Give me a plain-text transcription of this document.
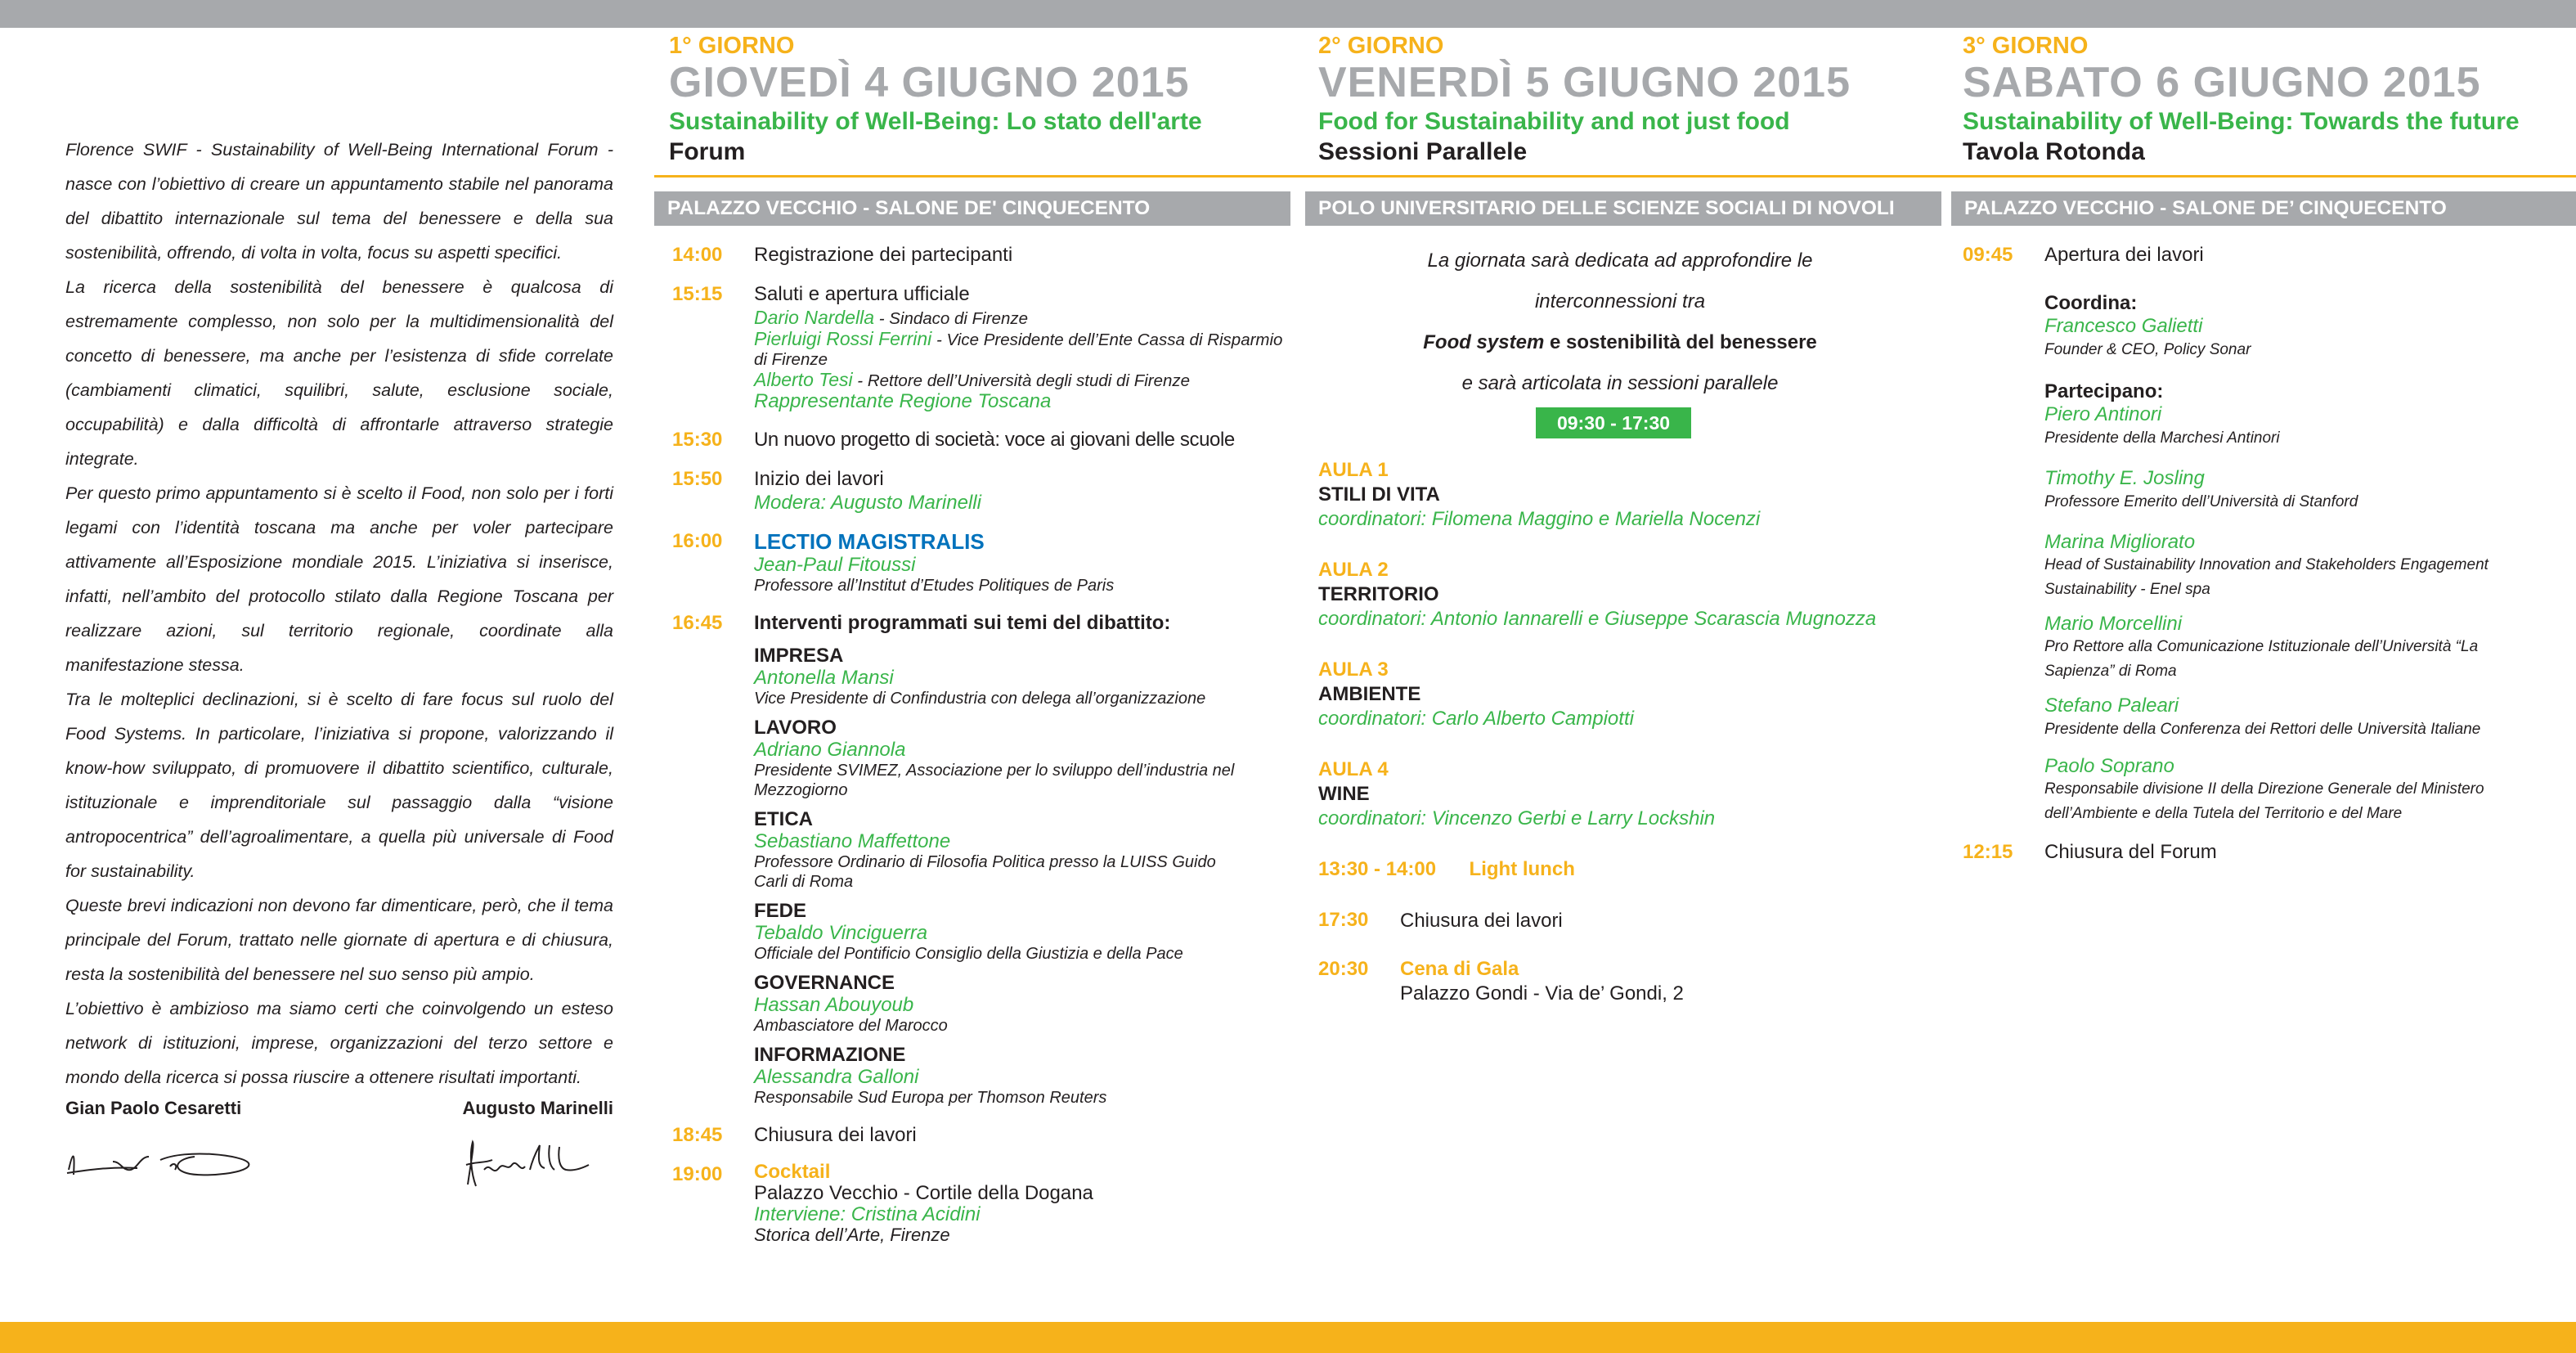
Florence SWIF - Sustainability of Well-Being International Forum - nasce con l’obiettivo di creare un appuntamento stabile nel panorama del dibattito internazionale sul tema del benessere e della sua sostenibilità, offrendo, di volta in volta, focus su aspetti specifici.

La ricerca della sostenibilità del benessere è qualcosa di estremamente complesso, non solo per la multidimensionalità del concetto di benessere, ma anche per l’esistenza di sfide correlate (cambiamenti climatici, squilibri, salute, esclusione sociale, occupabilità) e dalla difficoltà di affrontarle attraverso strategie integrate.

Per questo primo appuntamento si è scelto il Food, non solo per i forti legami con l’identità toscana ma anche per voler partecipare attivamente all’Esposizione mondiale 2015. L’iniziativa si inserisce, infatti, nell’ambito del protocollo stilato dalla Regione Toscana per realizzare azioni, sul territorio regionale, coordinate alla manifestazione stessa.

Tra le molteplici declinazioni, si è scelto di fare focus sul ruolo del Food Systems. In particolare, l’iniziativa si propone, valorizzando il know-how sviluppato, di promuovere il dibattito scientifico, culturale, istituzionale e imprenditoriale sul passaggio dalla “visione antropocentrica” dell’agroalimentare, a quella più universale di Food for sustainability.

Queste brevi indicazioni non devono far dimenticare, però, che il tema principale del Forum, trattato nelle giornate di apertura e di chiusura, resta la sostenibilità del benessere nel suo senso più ampio.

L’obiettivo è ambizioso ma siamo certi che coinvolgendo un esteso network di istituzioni, imprese, organizzazioni del terzo settore e mondo della ricerca si possa riuscire a ottenere risultati importanti.

Gian Paolo Cesaretti	Augusto Marinelli
1° GIORNO
GIOVEDÌ 4 GIUGNO 2015
Sustainability of Well-Being: Lo stato dell'arte
Forum
PALAZZO VECCHIO - SALONE DE' CINQUECENTO
14:00 Registrazione dei partecipanti
15:15 Saluti e apertura ufficiale
Dario Nardella - Sindaco di Firenze
Pierluigi Rossi Ferrini - Vice Presidente dell’Ente Cassa di Risparmio di Firenze
Alberto Tesi - Rettore dell’Università degli studi di Firenze
Rappresentante Regione Toscana
15:30 Un nuovo progetto di società: voce ai giovani delle scuole
15:50 Inizio dei lavori
Modera: Augusto Marinelli
16:00 LECTIO MAGISTRALIS
Jean-Paul Fitoussi
Professore all’Institut d’Etudes Politiques de Paris
16:45 Interventi programmati sui temi del dibattito:
IMPRESA
Antonella Mansi
Vice Presidente di Confindustria con delega all’organizzazione
LAVORO
Adriano Giannola
Presidente SVIMEZ, Associazione per lo sviluppo dell’industria nel Mezzogiorno
ETICA
Sebastiano Maffettone
Professore Ordinario di Filosofia Politica presso la LUISS Guido Carli di Roma
FEDE
Tebaldo Vinciguerra
Officiale del Pontificio Consiglio della Giustizia e della Pace
GOVERNANCE
Hassan Abouyoub
Ambasciatore del Marocco
INFORMAZIONE
Alessandra Galloni
Responsabile Sud Europa per Thomson Reuters
18:45 Chiusura dei lavori
19:00 Cocktail
Palazzo Vecchio - Cortile della Dogana
Interviene: Cristina Acidini
Storica dell’Arte, Firenze
2° GIORNO
VENERDÌ 5 GIUGNO 2015
Food for Sustainability and not just food
Sessioni Parallele
POLO UNIVERSITARIO DELLE SCIENZE SOCIALI DI NOVOLI
La giornata sarà dedicata ad approfondire le
interconnessioni tra
Food system e sostenibilità del benessere
e sarà articolata in sessioni parallele
09:30 - 17:30
AULA 1
STILI DI VITA
coordinatori: Filomena Maggino e Mariella Nocenzi
AULA 2
TERRITORIO
coordinatori: Antonio Iannarelli e Giuseppe Scarascia Mugnozza
AULA 3
AMBIENTE
coordinatori: Carlo Alberto Campiotti
AULA 4
WINE
coordinatori: Vincenzo Gerbi e Larry Lockshin
13:30 - 14:00 Light lunch
17:30 Chiusura dei lavori
20:30 Cena di Gala
Palazzo Gondi - Via de’ Gondi, 2
3° GIORNO
SABATO 6 GIUGNO 2015
Sustainability of Well-Being: Towards the future
Tavola Rotonda
PALAZZO VECCHIO - SALONE DE’ CINQUECENTO
09:45 Apertura dei lavori
Coordina:
Francesco Galietti
Founder & CEO, Policy Sonar
Partecipano:
Piero Antinori
Presidente della Marchesi Antinori
Timothy E. Josling
Professore Emerito dell’Università di Stanford
Marina Migliorato
Head of Sustainability Innovation and Stakeholders Engagement Sustainability - Enel spa
Mario Morcellini
Pro Rettore alla Comunicazione Istituzionale dell’Università “La Sapienza” di Roma
Stefano Paleari
Presidente della Conferenza dei Rettori delle Università Italiane
Paolo Soprano
Responsabile divisione II della Direzione Generale del Ministero dell’Ambiente e della Tutela del Territorio e del Mare
12:15 Chiusura del Forum
